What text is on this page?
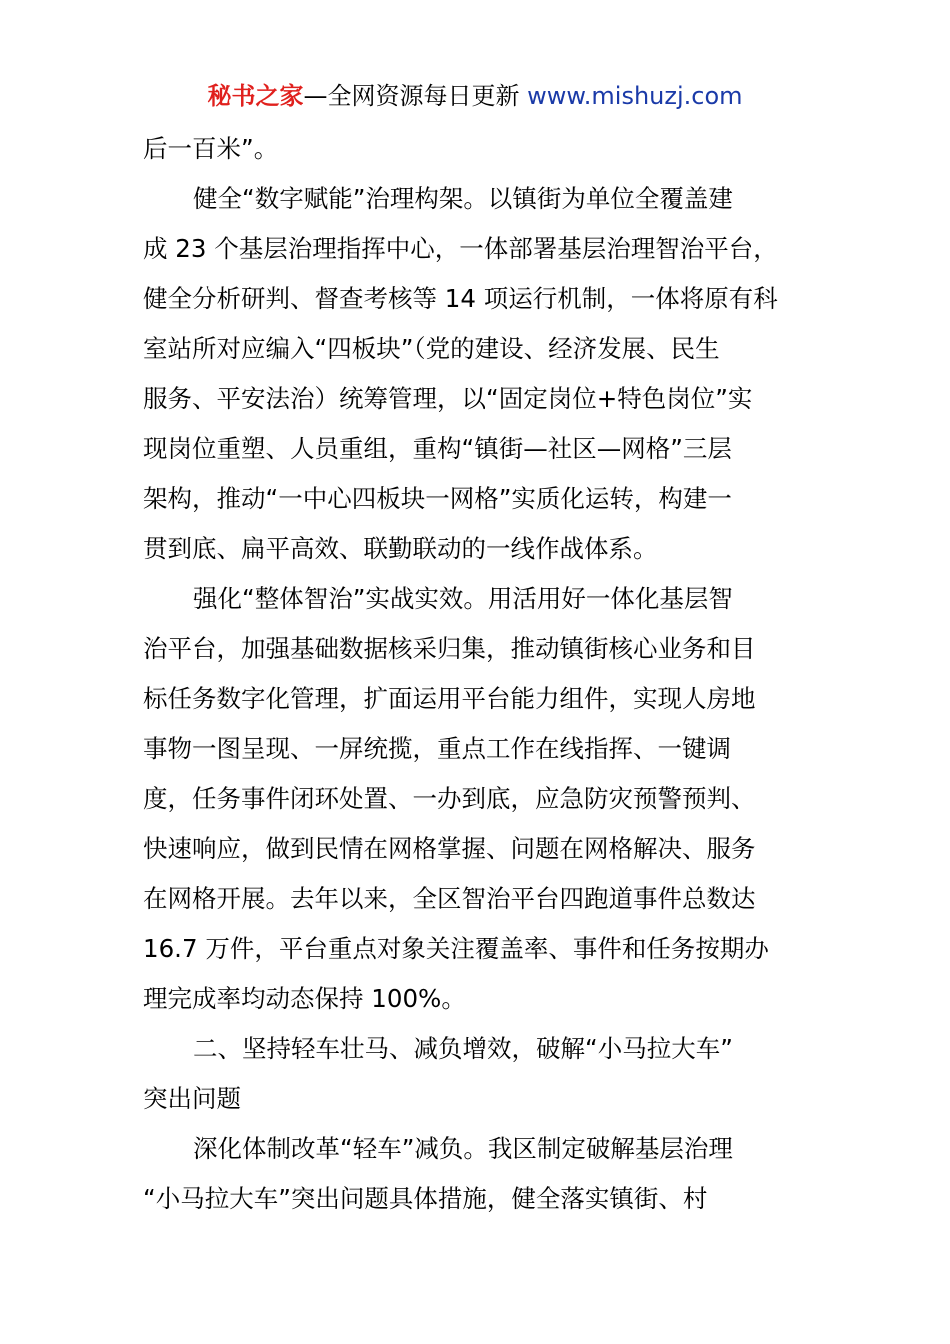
秘书之家—全网资源每日更新 www.mishuzj.com
后一百米”。
健全“数字赋能”治理构架。以镇街为单位全覆盖建
成 23 个基层治理指挥中心，一体部署基层治理智治平台，
健全分析研判、督查考核等 14 项运行机制，一体将原有科
室站所对应编入“四板块”（党的建设、经济发展、民生
服务、平安法治）统筹管理，以“固定岗位+特色岗位”实
现岗位重塑、人员重组，重构“镇街—社区—网格”三层
架构，推动“一中心四板块一网格”实质化运转，构建一
贯到底、扁平高效、联勤联动的一线作战体系。
强化“整体智治”实战实效。用活用好一体化基层智
治平台，加强基础数据核采归集，推动镇街核心业务和目
标任务数字化管理，扩面运用平台能力组件，实现人房地
事物一图呈现、一屏统揽，重点工作在线指挥、一键调
度，任务事件闭环处置、一办到底，应急防灾预警预判、
快速响应，做到民情在网格掌握、问题在网格解决、服务
在网格开展。去年以来，全区智治平台四跑道事件总数达
16.7 万件，平台重点对象关注覆盖率、事件和任务按期办
理完成率均动态保持 100%。
二、坚持轻车壮马、减负增效，破解“小马拉大车”
突出问题
深化体制改革“轻车”减负。我区制定破解基层治理
“小马拉大车”突出问题具体措施，健全落实镇街、村
